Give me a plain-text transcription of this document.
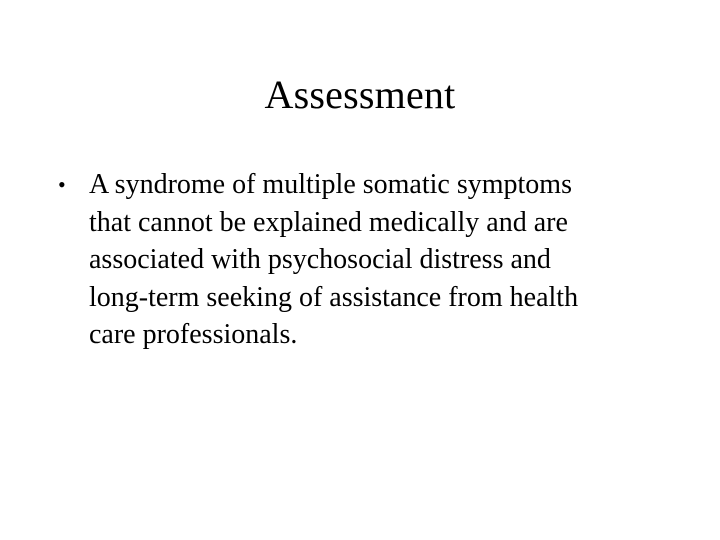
Assessment
• A syndrome of multiple somatic symptoms
that cannot be explained medically and are
associated with psychosocial distress and
long-term seeking of assistance from health
care professionals.
